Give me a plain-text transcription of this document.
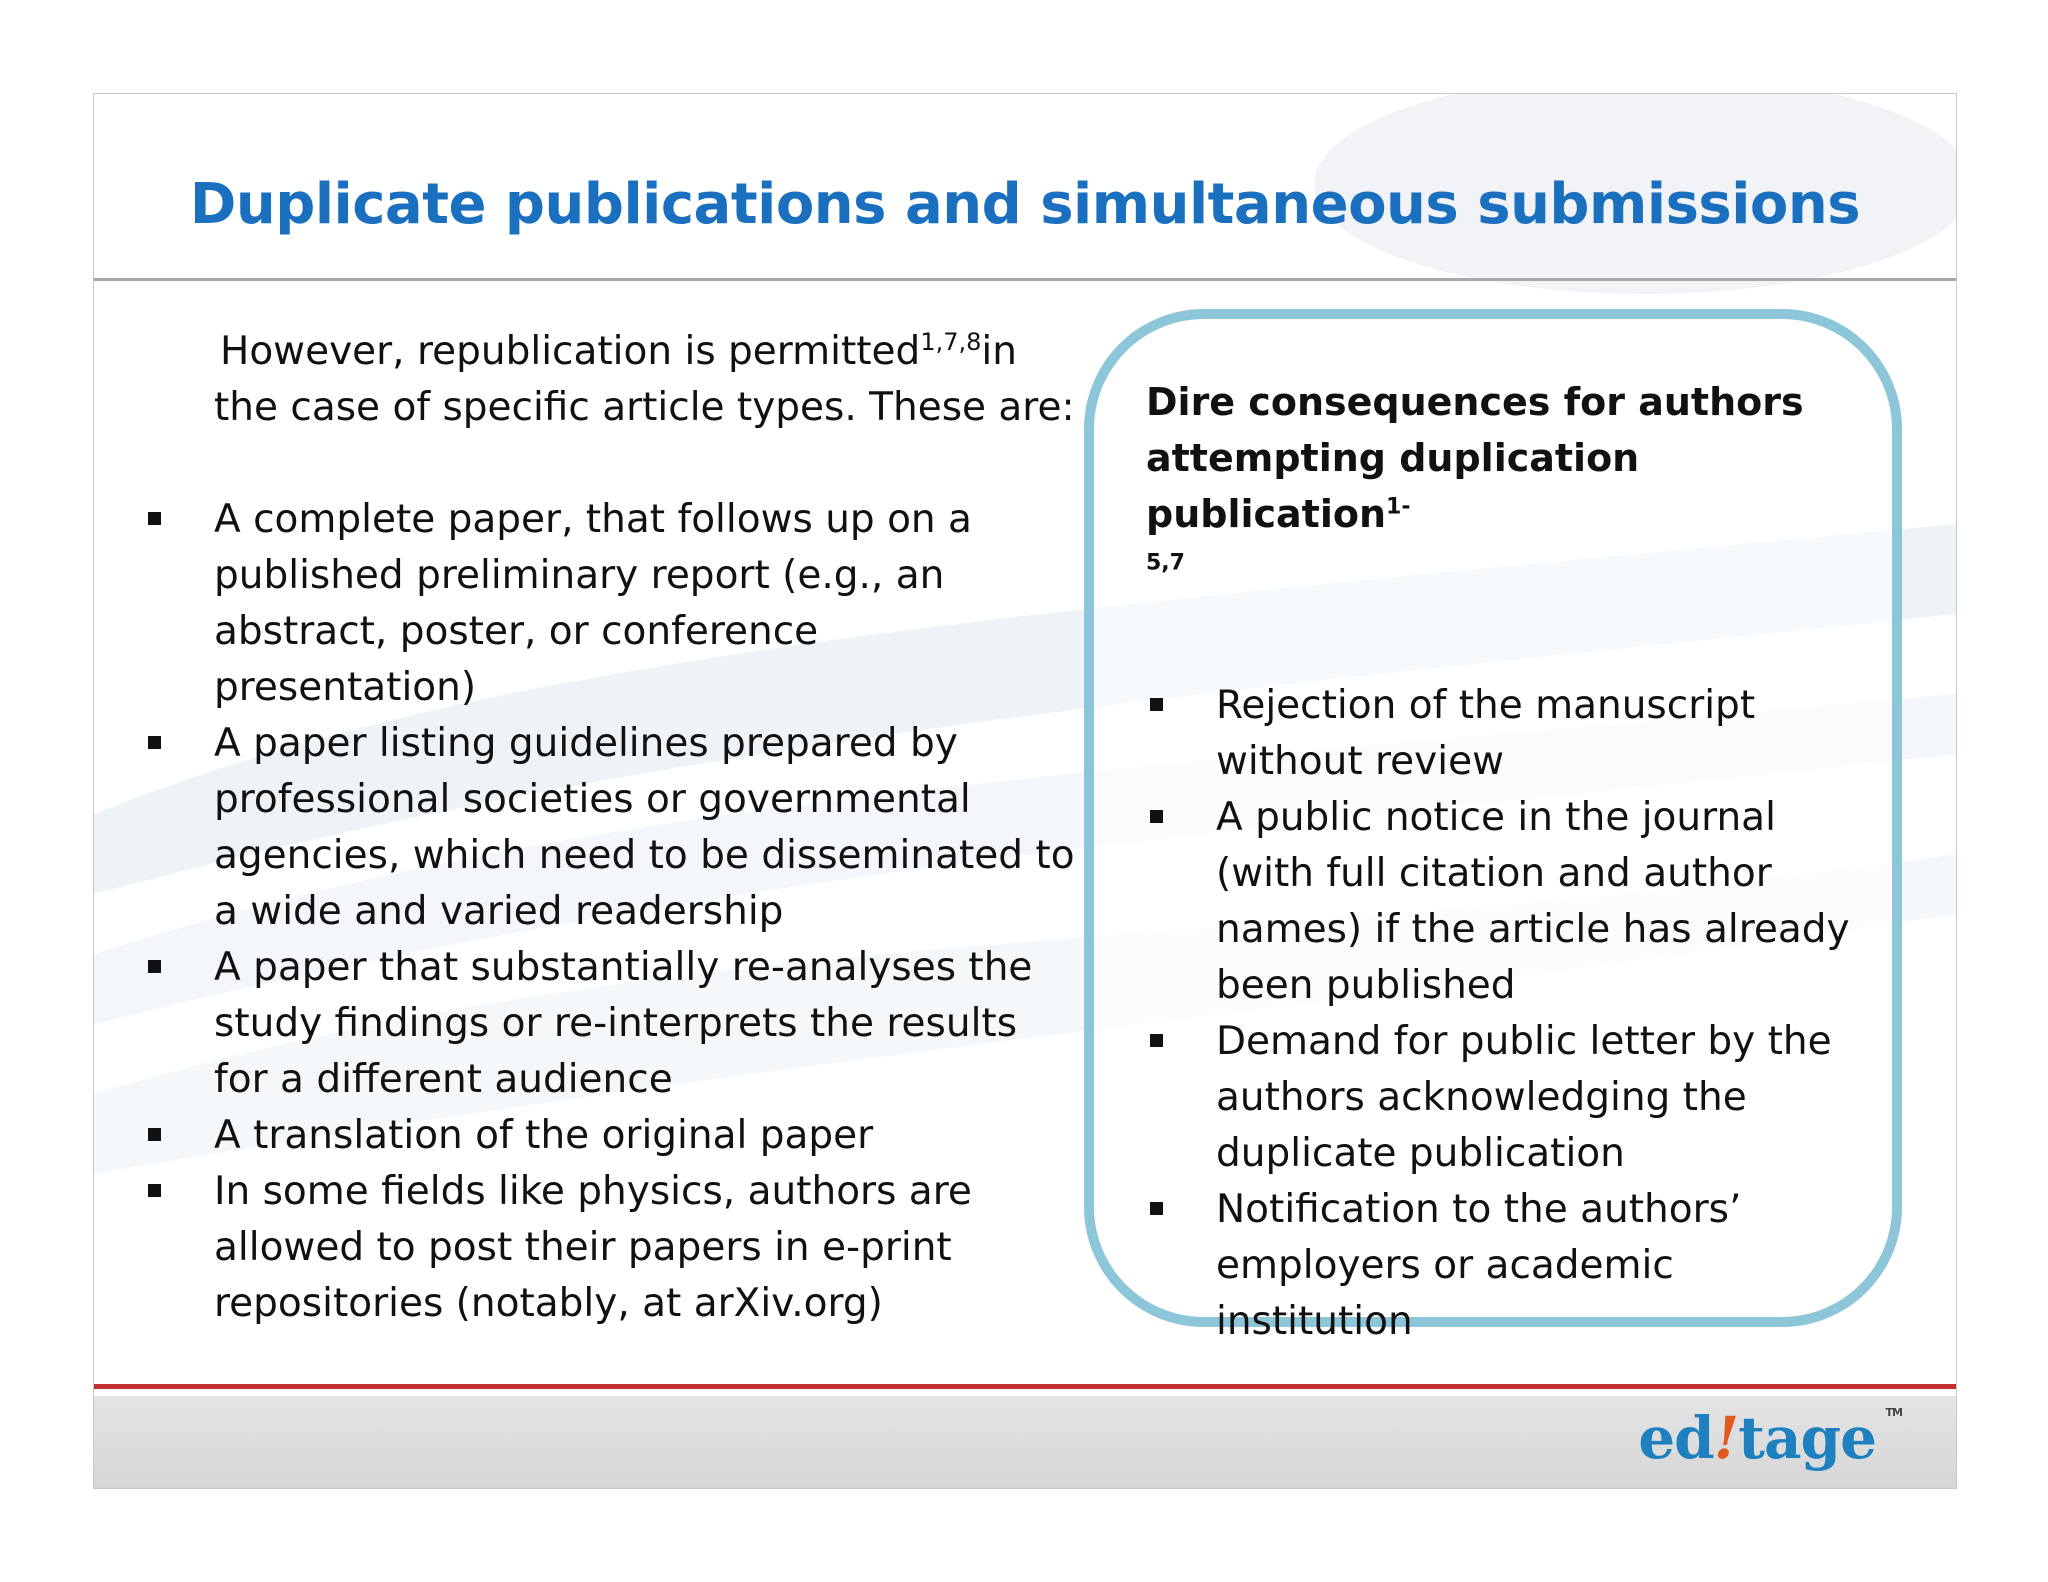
Duplicate publications and simultaneous submissions
However, republication is permitted$^{1,7,8}$in
the case of specific article types. These are:
A complete paper, that follows up on a
published preliminary report (e.g., an
abstract, poster, or conference
presentation)
A paper listing guidelines prepared by
professional societies or governmental
agencies, which need to be disseminated to
a wide and varied readership
A paper that substantially re-analyses the
study findings or re-interprets the results
for a different audience
A translation of the original paper
In some fields like physics, authors are
allowed to post their papers in e-print
repositories (notably, at arXiv.org)
Dire consequences for authors
attempting duplication publication$^{1-}$
$^{5,7}$
Rejection of the manuscript
without review
A public notice in the journal
(with full citation and author
names) if the article has already
been published
Demand for public letter by the
authors acknowledging the
duplicate publication
Notification to the authors’
employers or academic
institution
ed!tage TM
